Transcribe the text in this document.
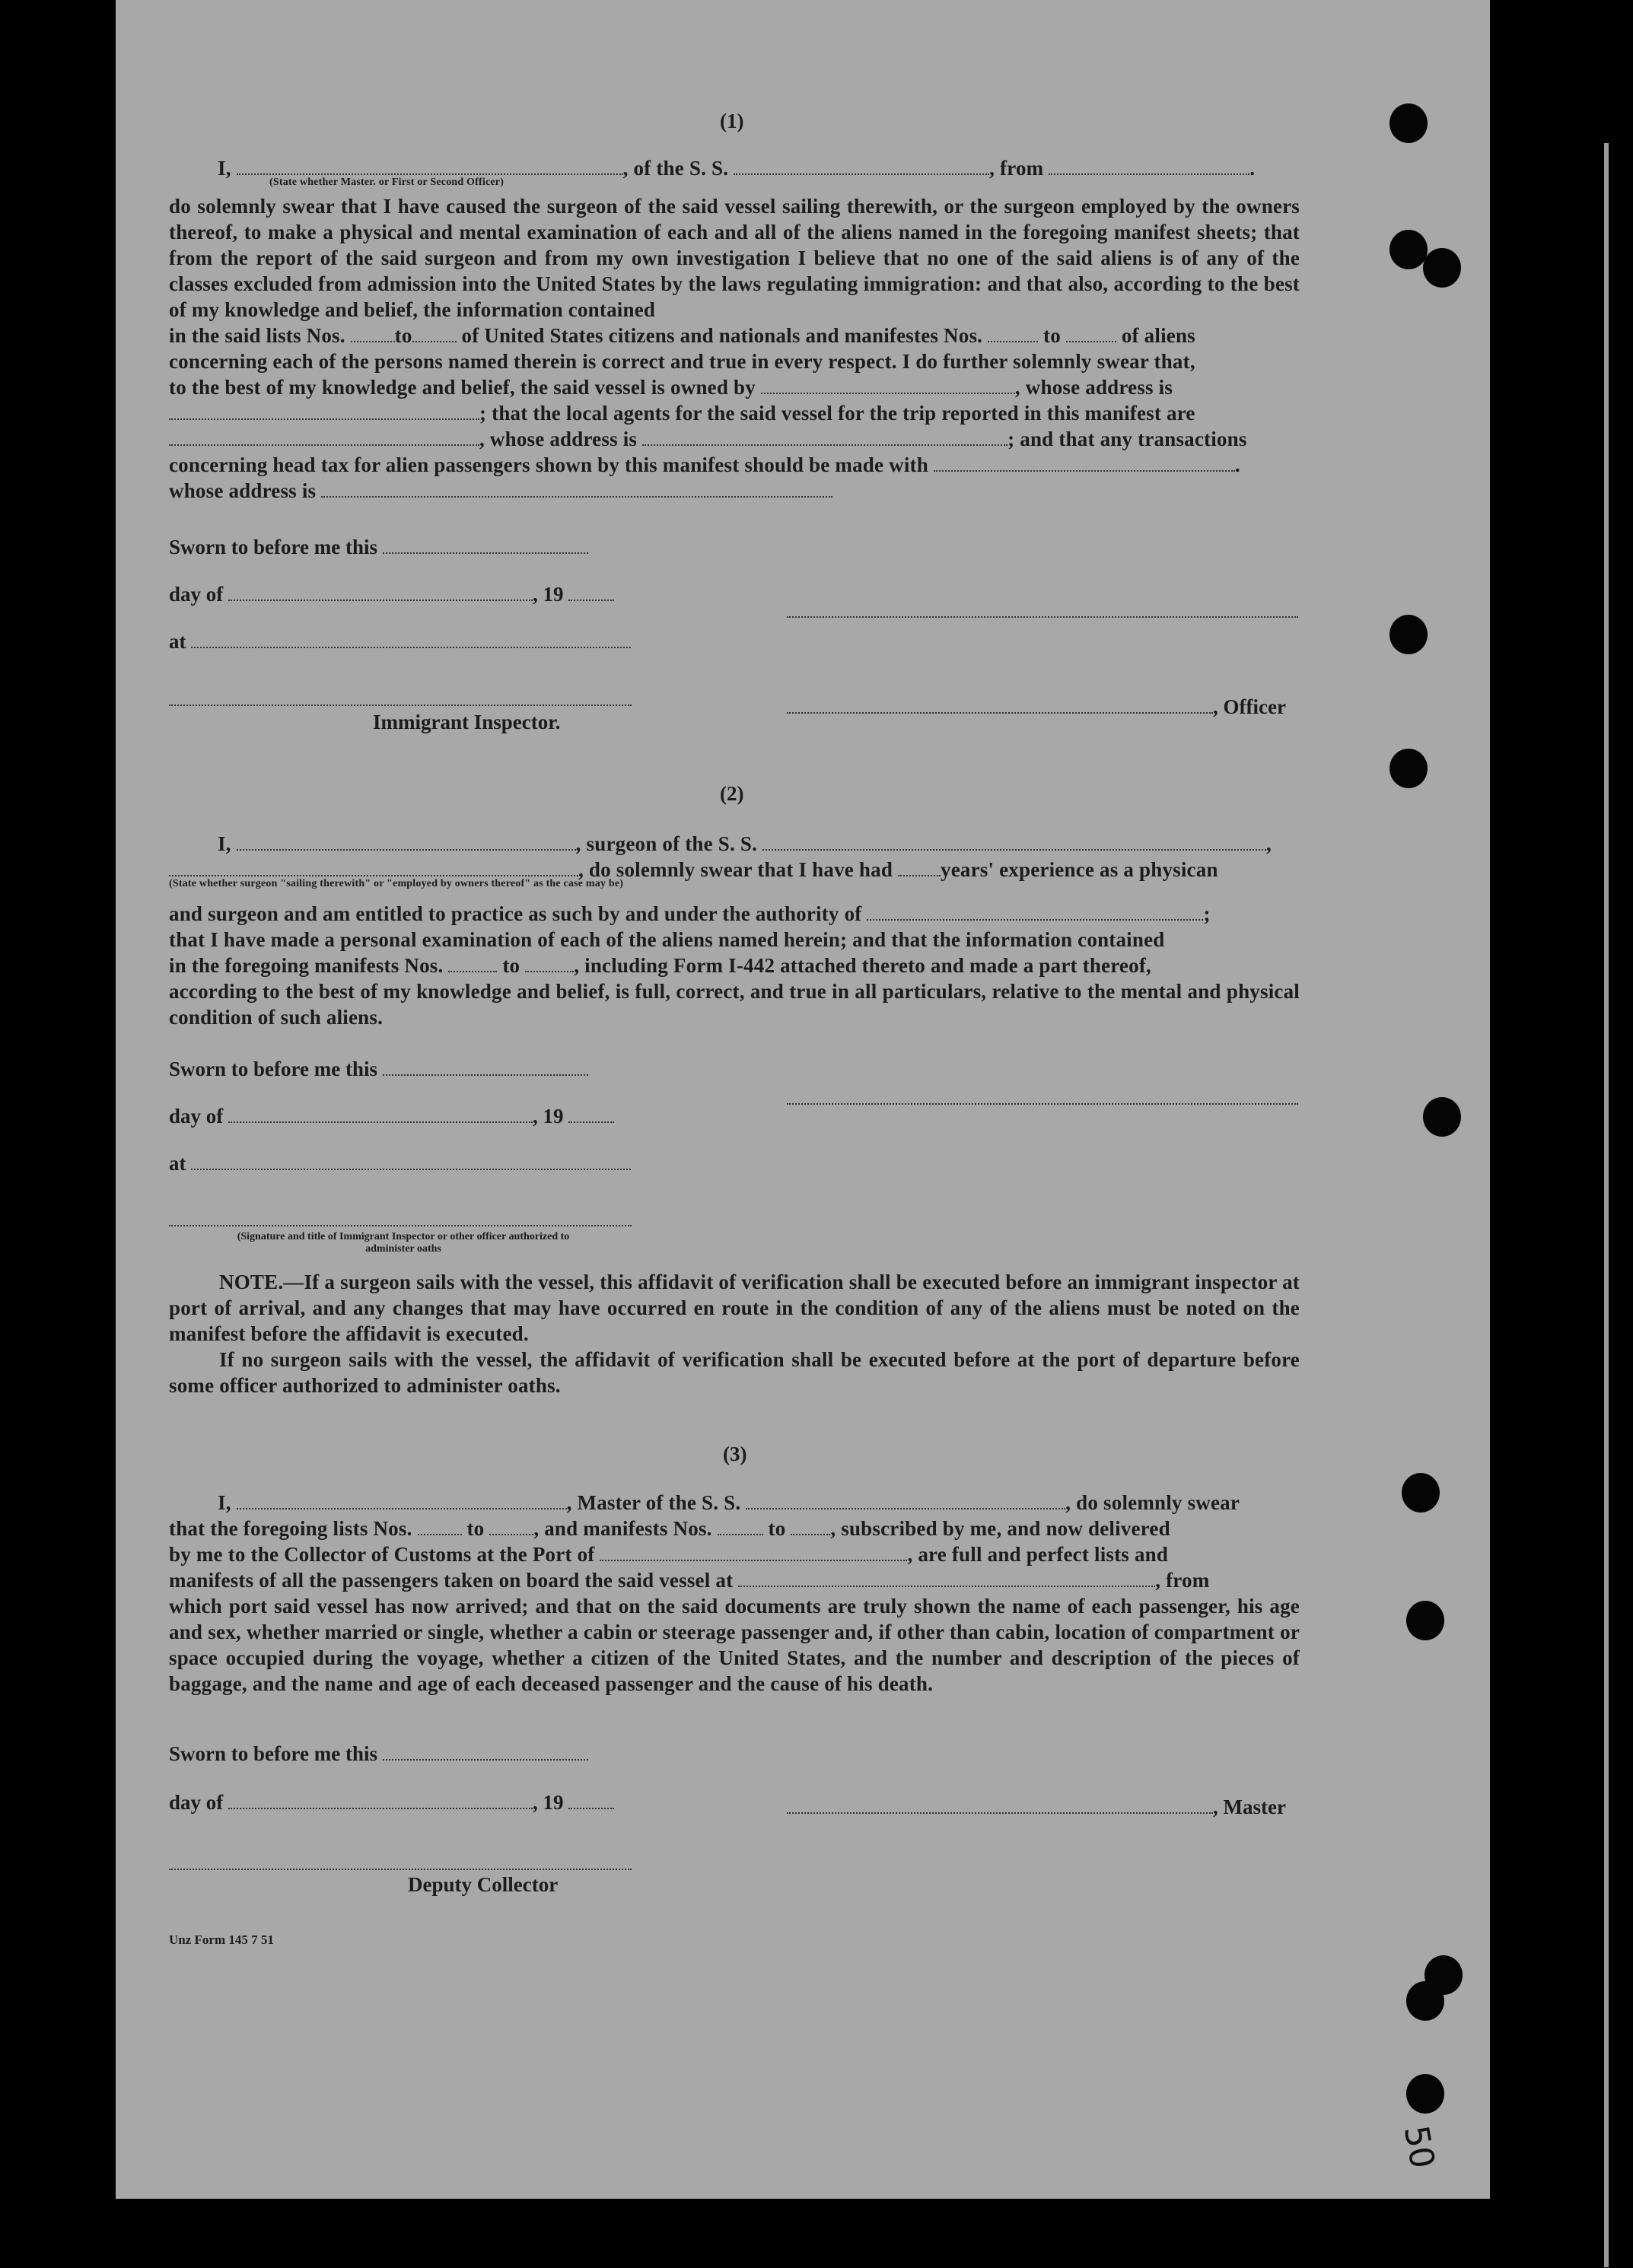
50
(1)
I,	, of the S. S.	, from	.
(State whether Master. or First or Second Officer)
do solemnly swear that I have caused the surgeon of the said vessel sailing therewith, or the surgeon employed by the owners thereof, to make a physical and mental examination of each and all of the aliens named in the foregoing manifest sheets; that from the report of the said surgeon and from my own investigation I believe that no one of the said aliens is of any of the classes excluded from admission into the United States by the laws regulating immigration: and that also, according to the best of my knowledge and belief, the information contained
in the said lists Nos. to of United States citizens and nationals and manifestes Nos.	to	of aliens
concerning each of the persons named therein is correct and true in every respect. I do further solemnly swear that,
to the best of my knowledge and belief, the said vessel is owned by	, whose address is
; that the local agents for the said vessel for the trip reported in this manifest are
, whose address is	; and that any transactions
concerning head tax for alien passengers shown by this manifest should be made with	.
whose address is
Sworn to before me this
day of	, 19
at
, Officer
Immigrant Inspector.
(2)
I,	, surgeon of the S. S.	,
, do solemnly swear that I have had years' experience as a physican
(State whether surgeon "sailing therewith" or "employed by owners thereof" as the case may be)
and surgeon and am entitled to practice as such by and under the authority of	;
that I have made a personal examination of each of the aliens named herein; and that the information contained
in the foregoing manifests Nos.	to	, including Form I-442 attached thereto and made a part thereof,
according to the best of my knowledge and belief, is full, correct, and true in all particulars, relative to the mental and physical condition of such aliens.
Sworn to before me this
day of	, 19
at
(Signature and title of Immigrant Inspector or other officer authorized to administer oaths
NOTE.—If a surgeon sails with the vessel, this affidavit of verification shall be executed before an immigrant inspector at port of arrival, and any changes that may have occurred en route in the condition of any of the aliens must be noted on the manifest before the affidavit is executed.
If no surgeon sails with the vessel, the affidavit of verification shall be executed before at the port of departure before some officer authorized to administer oaths.
(3)
I,	, Master of the S. S.	, do solemnly swear
that the foregoing lists Nos.	to , and manifests Nos.	to , subscribed by me, and now delivered
by me to the Collector of Customs at the Port of	, are full and perfect lists and
manifests of all the passengers taken on board the said vessel at	, from
which port said vessel has now arrived; and that on the said documents are truly shown the name of each passenger, his age and sex, whether married or single, whether a cabin or steerage passenger and, if other than cabin, location of compartment or space occupied during the voyage, whether a citizen of the United States, and the number and description of the pieces of baggage, and the name and age of each deceased passenger and the cause of his death.
Sworn to before me this
day of	, 19	, Master
Deputy Collector
Unz Form 145 7 51
